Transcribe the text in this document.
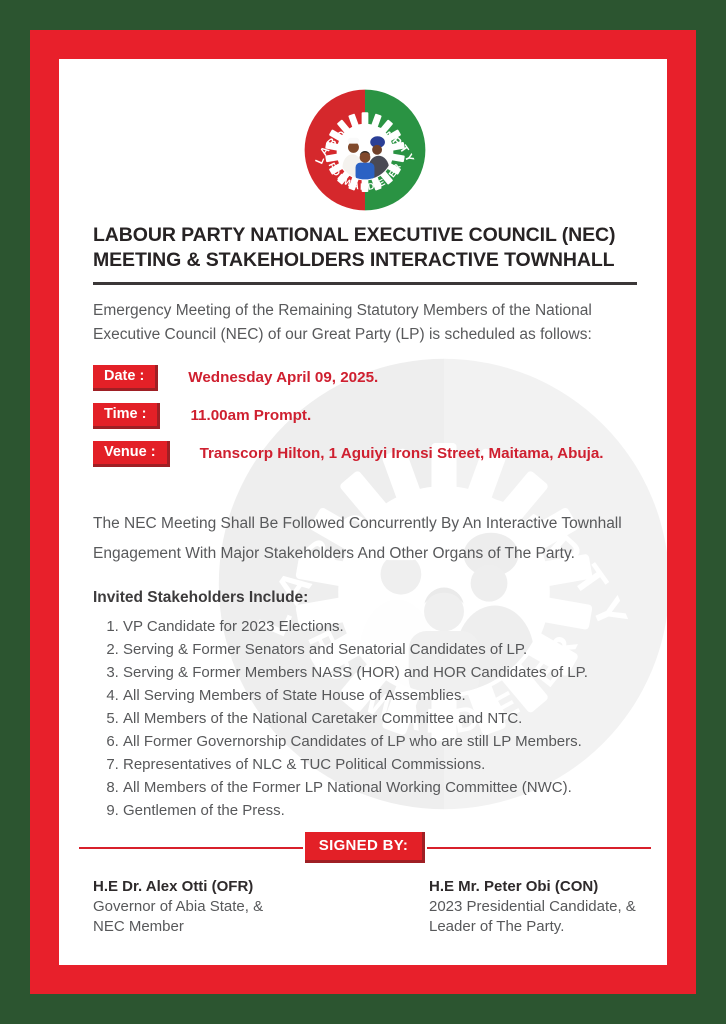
LABOUR PARTY NATIONAL EXECUTIVE COUNCIL (NEC)
MEETING & STAKEHOLDERS INTERACTIVE TOWNHALL

Emergency Meeting of the Remaining Statutory Members of the National Executive Council (NEC) of our Great Party (LP) is scheduled as follows:

Date :	Wednesday April 09, 2025.
Time :	11.00am Prompt.
Venue :	Transcorp Hilton, 1 Aguiyi Ironsi Street, Maitama, Abuja.

The NEC Meeting Shall Be Followed Concurrently By An Interactive Townhall Engagement With Major Stakeholders And Other Organs of The Party.

Invited Stakeholders Include:
1. VP Candidate for 2023 Elections.
2. Serving & Former Senators and Senatorial Candidates of LP.
3. Serving & Former Members NASS (HOR) and HOR Candidates of LP.
4. All Serving Members of State House of Assemblies.
5. All Members of the National Caretaker Committee and NTC.
6. All Former Governorship Candidates of LP who are still LP Members.
7. Representatives of NLC & TUC Political Commissions.
8. All Members of the Former LP National Working Committee (NWC).
9. Gentlemen of the Press.
SIGNED BY:
H.E Dr. Alex Otti (OFR)
Governor of Abia State, &
NEC Member
H.E Mr. Peter Obi (CON)
2023 Presidential Candidate, &
Leader of The Party.
